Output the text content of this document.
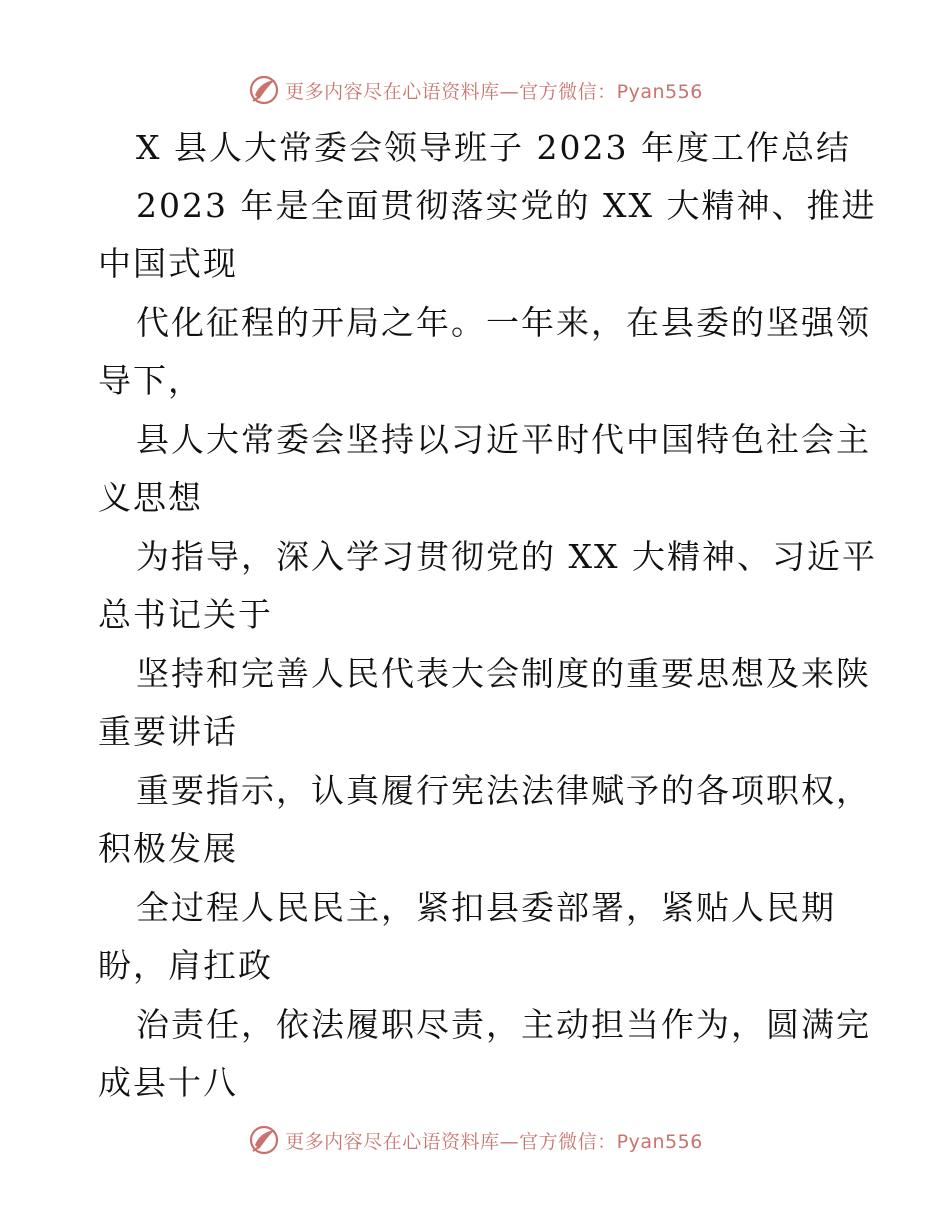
更多内容尽在心语资料库—官方微信：Pyan556
X 县人大常委会领导班子 2023 年度工作总结
2023 年是全面贯彻落实党的 XX 大精神、推进
中国式现
代化征程的开局之年。一年来，在县委的坚强领
导下，
县人大常委会坚持以习近平时代中国特色社会主
义思想
为指导，深入学习贯彻党的 XX 大精神、习近平
总书记关于
坚持和完善人民代表大会制度的重要思想及来陕
重要讲话
重要指示，认真履行宪法法律赋予的各项职权，
积极发展
全过程人民民主，紧扣县委部署，紧贴人民期
盼，肩扛政
治责任，依法履职尽责，主动担当作为，圆满完
成县十八
更多内容尽在心语资料库—官方微信：Pyan556
